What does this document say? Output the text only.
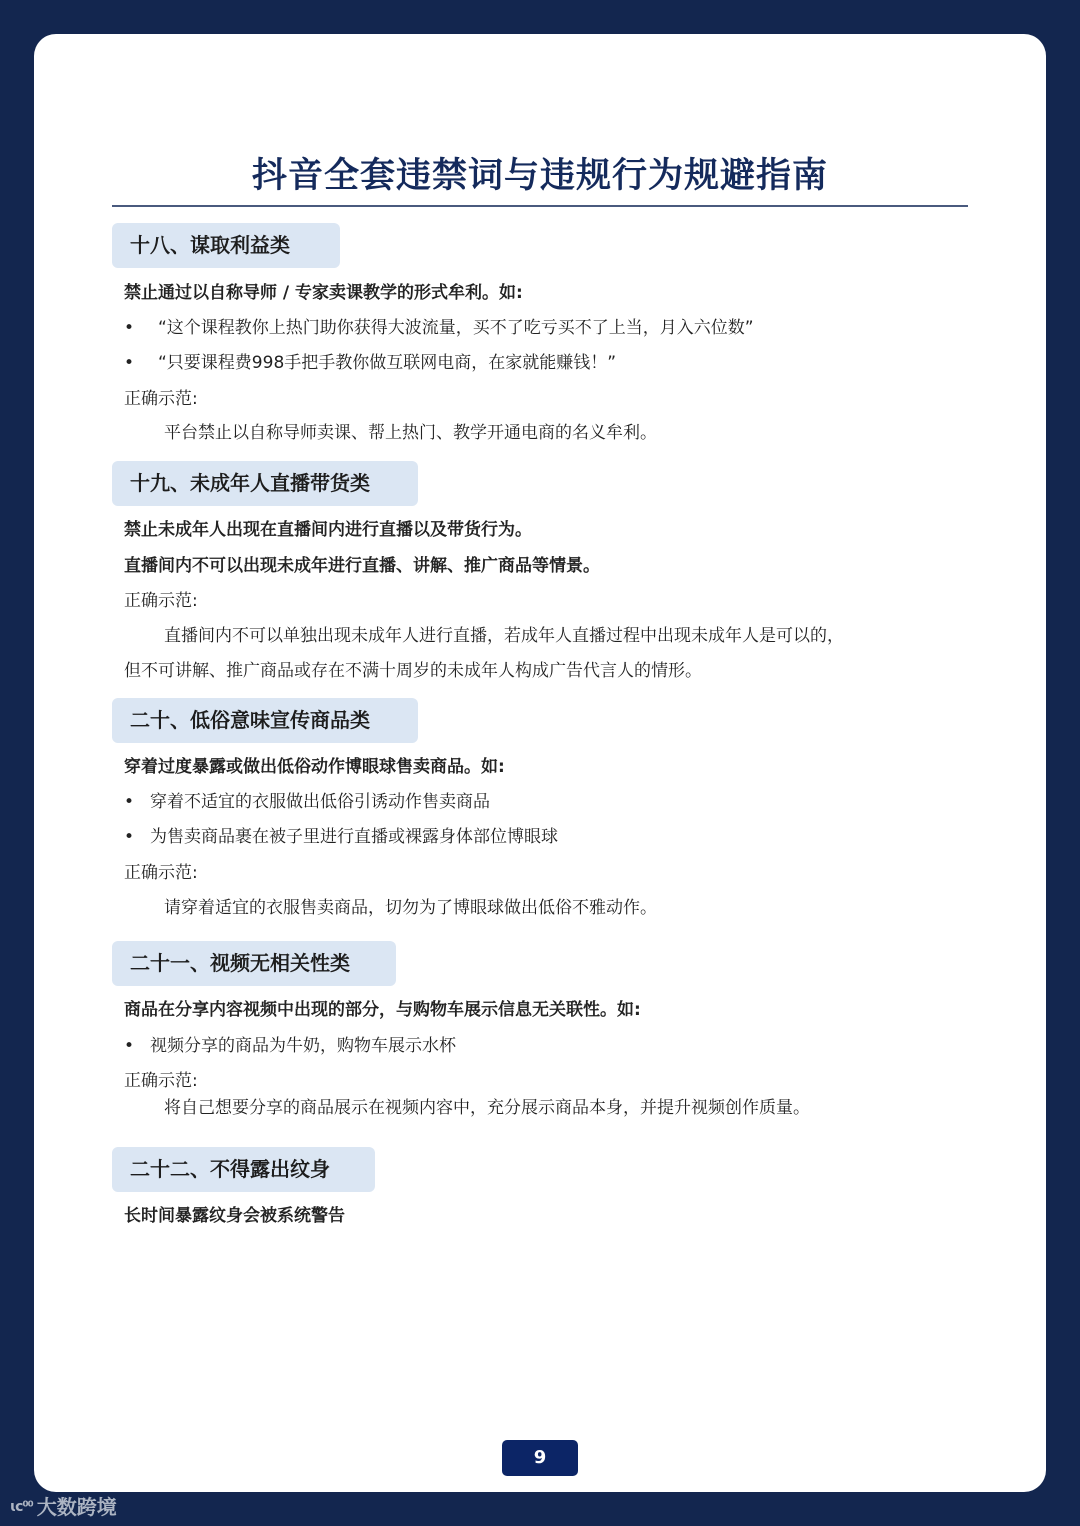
抖音全套违禁词与违规行为规避指南
十八、谋取利益类
禁止通过以自称导师 / 专家卖课教学的形式牟利。如:
• “这个课程教你上热门助你获得大波流量，买不了吃亏买不了上当，月入六位数”
• “只要课程费998手把手教你做互联网电商，在家就能赚钱！”
正确示范:
平台禁止以自称导师卖课、帮上热门、教学开通电商的名义牟利。
十九、未成年人直播带货类
禁止未成年人出现在直播间内进行直播以及带货行为。
直播间内不可以出现未成年进行直播、讲解、推广商品等情景。
正确示范:
直播间内不可以单独出现未成年人进行直播，若成年人直播过程中出现未成年人是可以的，
但不可讲解、推广商品或存在不满十周岁的未成年人构成广告代言人的情形。
二十、低俗意味宣传商品类
穿着过度暴露或做出低俗动作博眼球售卖商品。如:
• 穿着不适宜的衣服做出低俗引诱动作售卖商品
• 为售卖商品裹在被子里进行直播或裸露身体部位博眼球
正确示范:
请穿着适宜的衣服售卖商品，切勿为了博眼球做出低俗不雅动作。
二十一、视频无相关性类
商品在分享内容视频中出现的部分，与购物车展示信息无关联性。如:
• 视频分享的商品为牛奶，购物车展示水杯
正确示范:
将自己想要分享的商品展示在视频内容中，充分展示商品本身，并提升视频创作质量。
二十二、不得露出纹身
长时间暴露纹身会被系统警告
9
ɩᴄ⁰⁰ 大数跨境
